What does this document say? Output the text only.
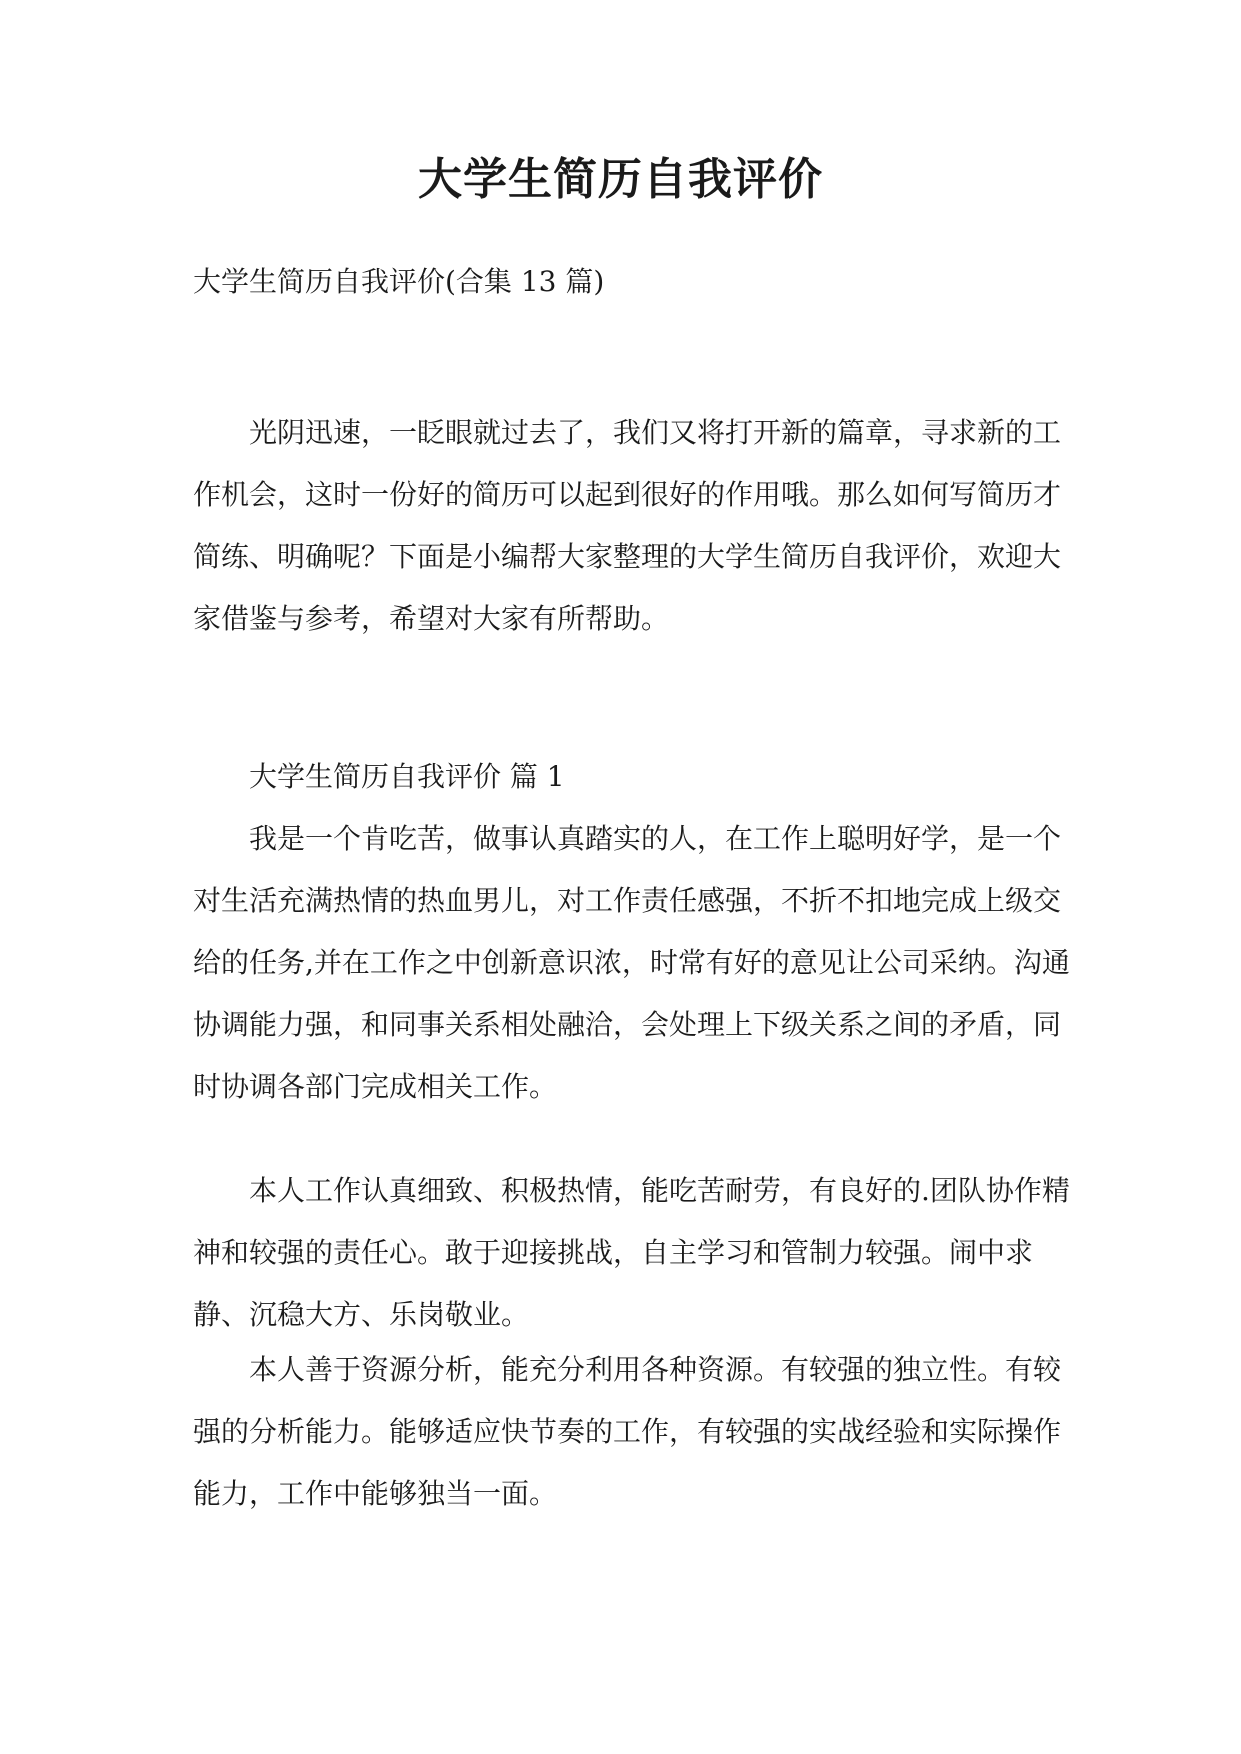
大学生简历自我评价

大学生简历自我评价(合集 13 篇)

光阴迅速，一眨眼就过去了，我们又将打开新的篇章，寻求新的工作机会，这时一份好的简历可以起到很好的作用哦。那么如何写简历才简练、明确呢？下面是小编帮大家整理的大学生简历自我评价，欢迎大家借鉴与参考，希望对大家有所帮助。

大学生简历自我评价 篇 1

我是一个肯吃苦，做事认真踏实的人，在工作上聪明好学，是一个对生活充满热情的热血男儿，对工作责任感强，不折不扣地完成上级交给的任务,并在工作之中创新意识浓，时常有好的意见让公司采纳。沟通协调能力强，和同事关系相处融洽，会处理上下级关系之间的矛盾，同时协调各部门完成相关工作。

本人工作认真细致、积极热情，能吃苦耐劳，有良好的.团队协作精神和较强的责任心。敢于迎接挑战，自主学习和管制力较强。闹中求静、沉稳大方、乐岗敬业。

本人善于资源分析，能充分利用各种资源。有较强的独立性。有较强的分析能力。能够适应快节奏的工作，有较强的实战经验和实际操作能力，工作中能够独当一面。
